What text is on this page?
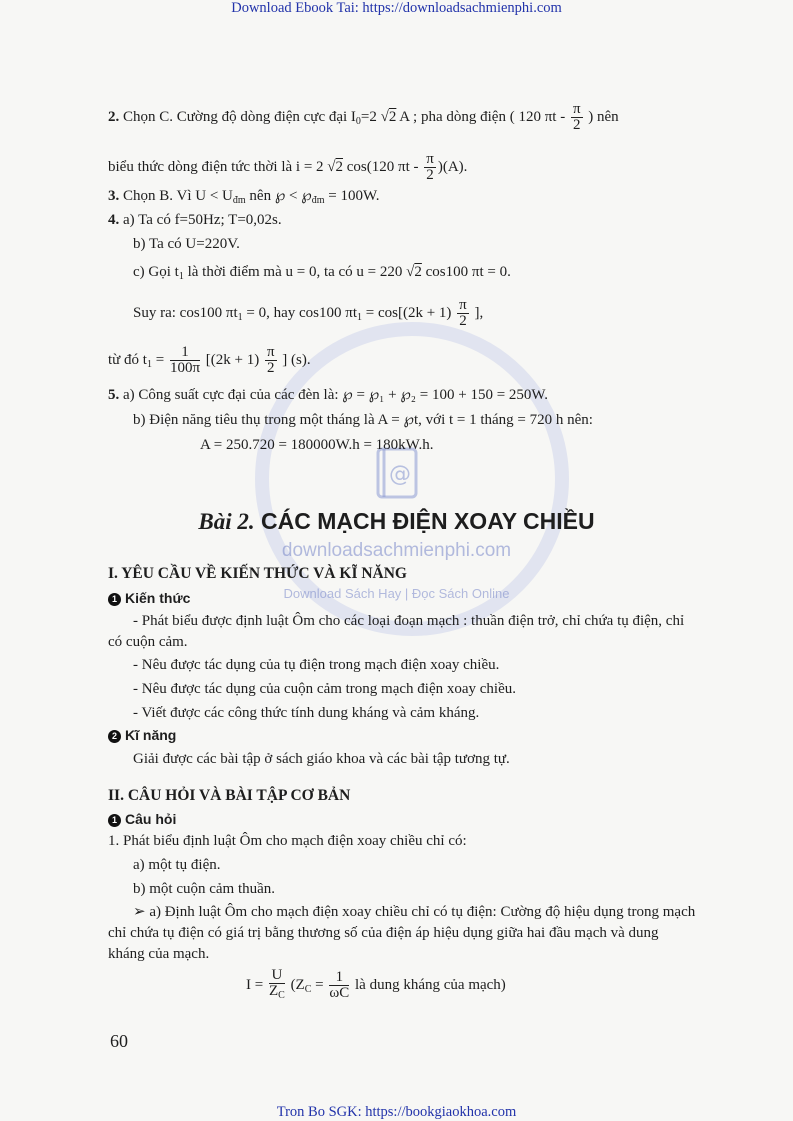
Download Ebook Tai: https://downloadsachmienphi.com
Tron Bo SGK: https://bookgiaokhoa.com
@
downloadsachmienphi.com
Download Sách Hay | Đọc Sách Online
2. Chọn C. Cường độ dòng điện cực đại $I_0=2$ √2 A ; pha dòng điện ( 120 πt - $\frac{\pi}{2}$ ) nên
biểu thức dòng điện tức thời là i = 2 √2 cos(120 πt - $\frac{\pi}{2} )(A)$.
3. Chọn B. Vì $U < U_{đm}$ nên ℘ < $℘_{đm} = 100W$.
4. a) Ta có f=50Hz; T=0,02s.
b) Ta có U=220V.
c) Gọi $t_1$ là thời điểm mà u = 0, ta có u = 220 √2 cos100 πt = 0.
Suy ra: cos100 $\pi t_1 = 0$, hay cos100 $\pi t_1 = \cos[(2k + 1) \frac{\pi}{2}$ ],
từ đó $t_1 = \frac{1}{100\pi} [(2k + 1) \frac{\pi}{2}$ ] (s).
5. a) Công suất cực đại của các đèn là: ℘ = ℘₁ + ℘₂ = 100 + 150 = 250W.
b) Điện năng tiêu thụ trong một tháng là A = ℘t, với t = 1 tháng = 720 h nên:
A = 250.720 = 180000W.h = 180kW.h.
Bài 2. CÁC MẠCH ĐIỆN XOAY CHIỀU
I. YÊU CẦU VỀ KIẾN THỨC VÀ KĨ NĂNG
1 Kiến thức
- Phát biểu được định luật Ôm cho các loại đoạn mạch : thuần điện trở, chỉ chứa tụ điện, chỉ có cuộn cảm.
- Nêu được tác dụng của tụ điện trong mạch điện xoay chiều.
- Nêu được tác dụng của cuộn cảm trong mạch điện xoay chiều.
- Viết được các công thức tính dung kháng và cảm kháng.
2 Kĩ năng
Giải được các bài tập ở sách giáo khoa và các bài tập tương tự.
II. CÂU HỎI VÀ BÀI TẬP CƠ BẢN
1 Câu hỏi
1. Phát biểu định luật Ôm cho mạch điện xoay chiều chỉ có:
a) một tụ điện.
b) một cuộn cảm thuần.
➢ a) Định luật Ôm cho mạch điện xoay chiều chỉ có tụ điện: Cường độ hiệu dụng trong mạch chỉ chứa tụ điện có giá trị bằng thương số của điện áp hiệu dụng giữa hai đầu mạch và dung kháng của mạch.
$I = \frac{U}{Z_C} (Z_C = \frac{1}{\omega C}$ là dung kháng của mạch)
60
